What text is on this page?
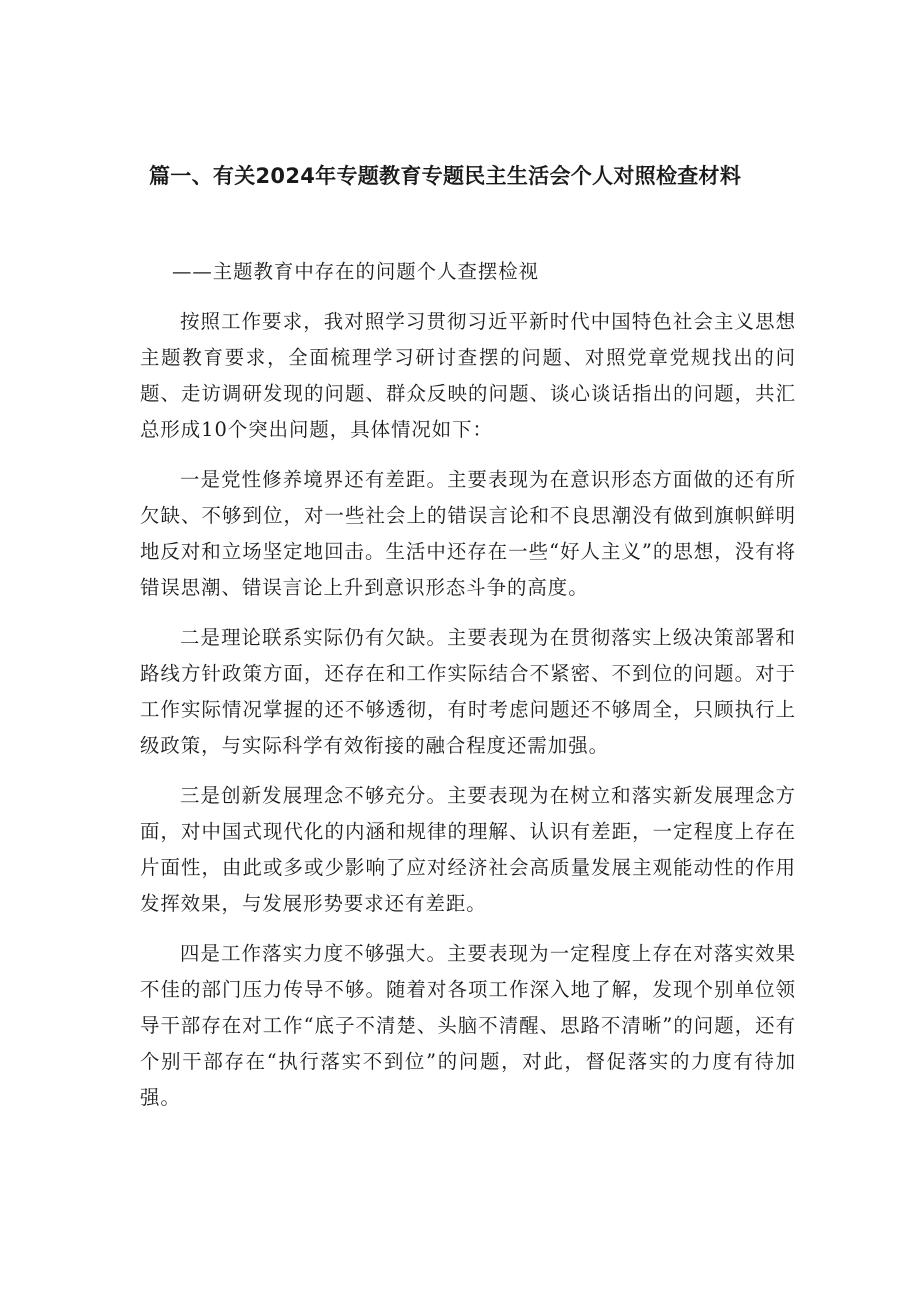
篇一、有关2024年专题教育专题民主生活会个人对照检查材料

——主题教育中存在的问题个人查摆检视

按照工作要求，我对照学习贯彻习近平新时代中国特色社会主义思想主题教育要求，全面梳理学习研讨查摆的问题、对照党章党规找出的问题、走访调研发现的问题、群众反映的问题、谈心谈话指出的问题，共汇总形成10个突出问题，具体情况如下：

一是党性修养境界还有差距。主要表现为在意识形态方面做的还有所欠缺、不够到位，对一些社会上的错误言论和不良思潮没有做到旗帜鲜明地反对和立场坚定地回击。生活中还存在一些“好人主义”的思想，没有将错误思潮、错误言论上升到意识形态斗争的高度。

二是理论联系实际仍有欠缺。主要表现为在贯彻落实上级决策部署和路线方针政策方面，还存在和工作实际结合不紧密、不到位的问题。对于工作实际情况掌握的还不够透彻，有时考虑问题还不够周全，只顾执行上级政策，与实际科学有效衔接的融合程度还需加强。

三是创新发展理念不够充分。主要表现为在树立和落实新发展理念方面，对中国式现代化的内涵和规律的理解、认识有差距，一定程度上存在片面性，由此或多或少影响了应对经济社会高质量发展主观能动性的作用发挥效果，与发展形势要求还有差距。

四是工作落实力度不够强大。主要表现为一定程度上存在对落实效果不佳的部门压力传导不够。随着对各项工作深入地了解，发现个别单位领导干部存在对工作“底子不清楚、头脑不清醒、思路不清晰”的问题，还有个别干部存在“执行落实不到位”的问题，对此，督促落实的力度有待加强。
